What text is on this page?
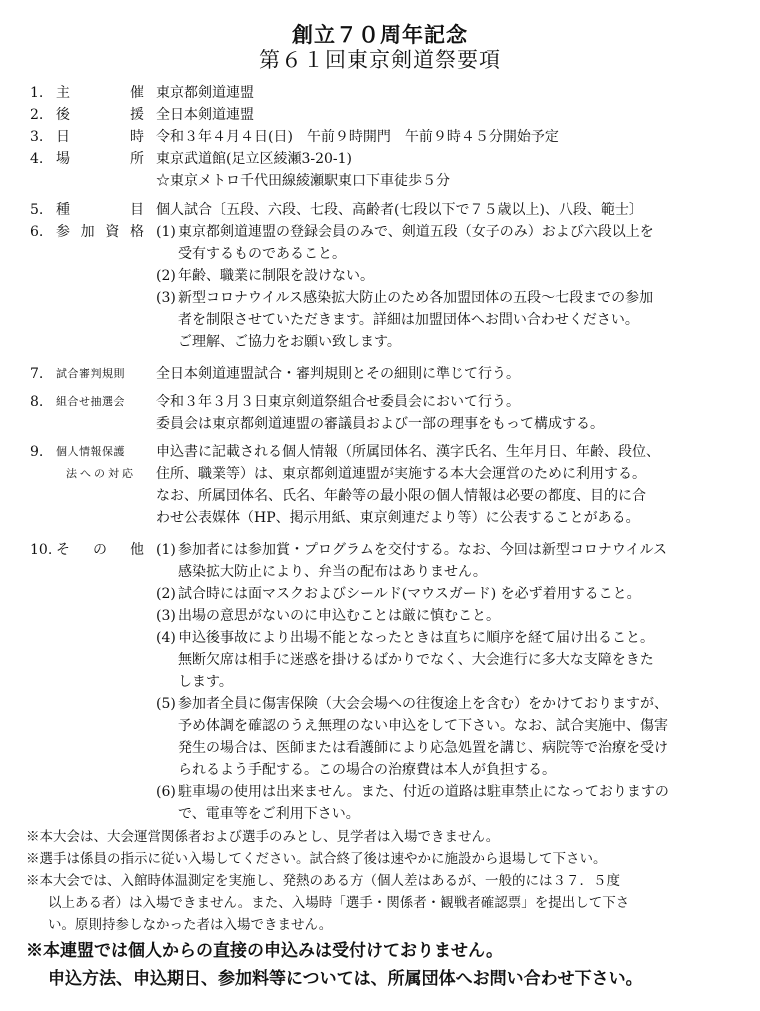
創立７０周年記念
第６１回東京剣道祭要項
1. 主	催 東京都剣道連盟

2. 後	援 全日本剣道連盟

3. 日	時 令和３年４月４日(日)　午前９時開門　午前９時４５分開始予定

4. 場	所 東京武道館(足立区綾瀬3-20-1)

☆東京メトロ千代田線綾瀬駅東口下車徒歩５分

5. 種	目 個人試合〔五段、六段、七段、高齢者(七段以下で７５歳以上)、八段、範士〕

6. 参 加 資 格 (1) 東京都剣道連盟の登録会員のみで、剣道五段（女子のみ）および六段以上を

受有するものであること。

(2) 年齢、職業に制限を設けない。

(3) 新型コロナウイルス感染拡大防止のため各加盟団体の五段～七段までの参加

者を制限させていただきます。詳細は加盟団体へお問い合わせください。

ご理解、ご協力をお願い致します。

7.	試合審判規則	全日本剣道連盟試合・審判規則とその細則に準じて行う。

8.	組合せ抽選会	令和３年３月３日東京剣道祭組合せ委員会において行う。

委員会は東京都剣道連盟の審議員および一部の理事をもって構成する。

9.	個人情報保護
法への対応

申込書に記載される個人情報（所属団体名、漢字氏名、生年月日、年齢、段位、

住所、職業等）は、東京都剣道連盟が実施する本大会運営のために利用する。

なお、所属団体名、氏名、年齢等の最小限の個人情報は必要の都度、目的に合

わせ公表媒体（HP、掲示用紙、東京剣連だより等）に公表することがある。

10. そ の 他 (1) 参加者には参加賞・プログラムを交付する。なお、今回は新型コロナウイルス

感染拡大防止により、弁当の配布はありません。

(2) 試合時には面マスクおよびシールド(マウスガード) を必ず着用すること。

(3) 出場の意思がないのに申込むことは厳に慎むこと。

(4) 申込後事故により出場不能となったときは直ちに順序を経て届け出ること。

無断欠席は相手に迷惑を掛けるばかりでなく、大会進行に多大な支障をきた

します。

(5) 参加者全員に傷害保険（大会会場への往復途上を含む）をかけておりますが、

予め体調を確認のうえ無理のない申込をして下さい。なお、試合実施中、傷害

発生の場合は、医師または看護師により応急処置を講じ、病院等で治療を受け

られるよう手配する。この場合の治療費は本人が負担する。

(6) 駐車場の使用は出来ません。また、付近の道路は駐車禁止になっておりますの

で、電車等をご利用下さい。

※本大会は、大会運営関係者および選手のみとし、見学者は入場できません。

※選手は係員の指示に従い入場してください。試合終了後は速やかに施設から退場して下さい。

※本大会では、入館時体温測定を実施し、発熱のある方（個人差はあるが、一般的には３７．５度

以上ある者）は入場できません。また、入場時「選手・関係者・観戦者確認票」を提出して下さ

い。原則持参しなかった者は入場できません。

※本連盟では個人からの直接の申込みは受付けておりません。

申込方法、申込期日、参加料等については、所属団体へお問い合わせ下さい。
